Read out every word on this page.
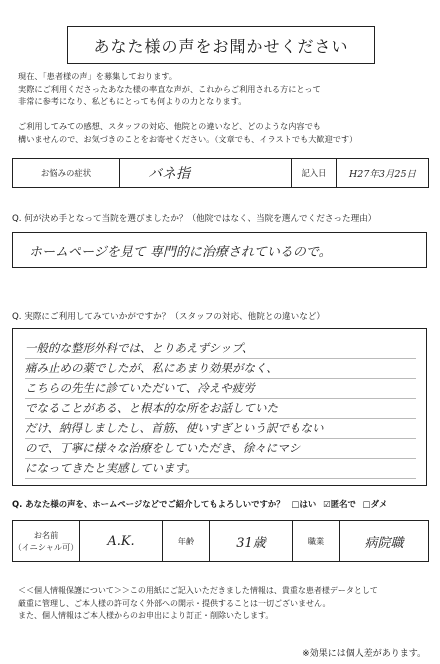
あなた様の声をお聞かせください
現在、「患者様の声」を募集しております。
実際にご利用くださったあなた様の率直な声が、これからご利用される方にとって
非常に参考になり、私どもにとっても何よりの力となります。

ご利用してみての感想、スタッフの対応、他院との違いなど、どのような内容でも
構いませんので、お気づきのことをお寄せください。（文章でも、イラストでも大歓迎です）
お悩みの症状	バネ指	記入日	H27年3月25日
Q. 何が決め手となって当院を選びましたか？（他院ではなく、当院を選んでくださった理由）
ホームページを見て 専門的に治療されているので。
Q. 実際にご利用してみていかがですか？（スタッフの対応、他院との違いなど）
一般的な整形外科では、とりあえずシップ、
痛み止めの薬でしたが、私にあまり効果がなく、
こちらの先生に診ていただいて、冷えや疲労
でなることがある、と根本的な所をお話していた
だけ、納得しましたし、首筋、使いすぎという訳でもない
ので、丁寧に様々な治療をしていただき、徐々にマシ
になってきたと実感しています。
Q. あなた様の声を、ホームページなどでご紹介してもよろしいですか？ □はい ☑匿名で □ダメ
お名前
（イニシャル可）	A.K.	年齢	31歳	職業	病院職
＜＜個人情報保護について＞＞この用紙にご記入いただきました情報は、貴重な患者様データとして
厳重に管理し、ご本人様の許可なく外部への開示・提供することは一切ございません。
また、個人情報はご本人様からのお申出により訂正・削除いたします。
※効果には個人差があります。
